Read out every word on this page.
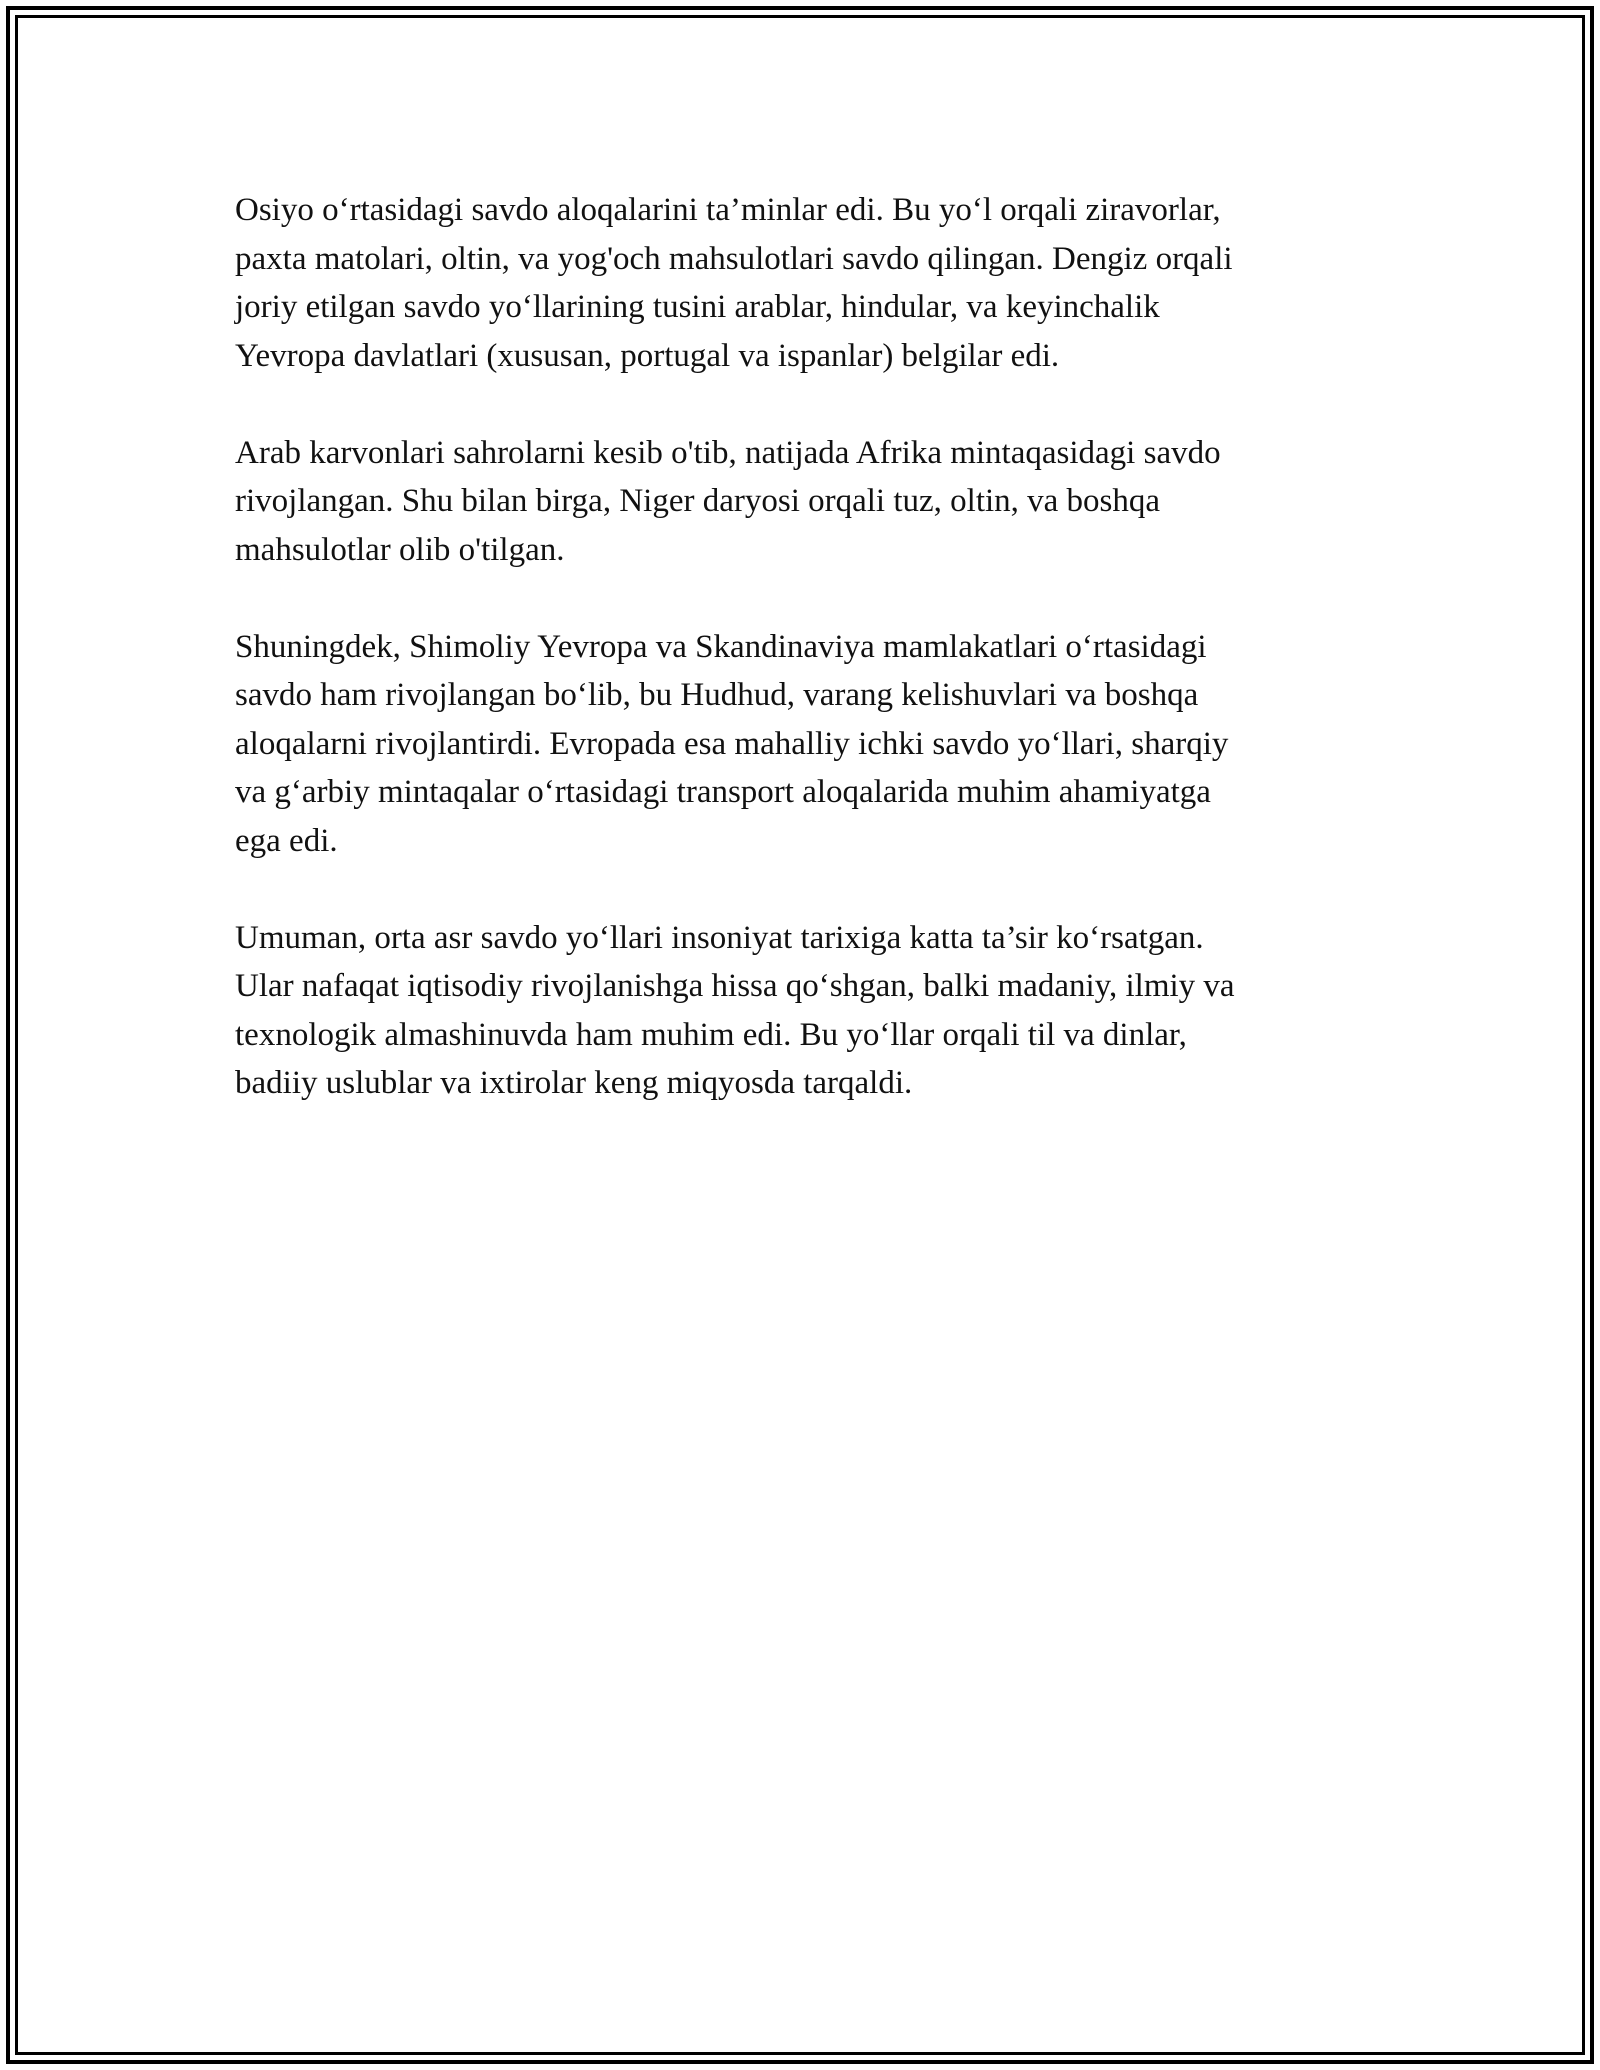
Osiyo o‘rtasidagi savdo aloqalarini ta’minlar edi. Bu yo‘l orqali ziravorlar,
paxta matolari, oltin, va yog'och mahsulotlari savdo qilingan. Dengiz orqali
joriy etilgan savdo yo‘llarining tusini arablar, hindular, va keyinchalik
Yevropa davlatlari (xususan, portugal va ispanlar) belgilar edi.

Arab karvonlari sahrolarni kesib o'tib, natijada Afrika mintaqasidagi savdo
rivojlangan. Shu bilan birga, Niger daryosi orqali tuz, oltin, va boshqa
mahsulotlar olib o'tilgan.

Shuningdek, Shimoliy Yevropa va Skandinaviya mamlakatlari o‘rtasidagi
savdo ham rivojlangan bo‘lib, bu Hudhud, varang kelishuvlari va boshqa
aloqalarni rivojlantirdi. Evropada esa mahalliy ichki savdo yo‘llari, sharqiy
va g‘arbiy mintaqalar o‘rtasidagi transport aloqalarida muhim ahamiyatga
ega edi.

Umuman, orta asr savdo yo‘llari insoniyat tarixiga katta ta’sir ko‘rsatgan.
Ular nafaqat iqtisodiy rivojlanishga hissa qo‘shgan, balki madaniy, ilmiy va
texnologik almashinuvda ham muhim edi. Bu yo‘llar orqali til va dinlar,
badiiy uslublar va ixtirolar keng miqyosda tarqaldi.
